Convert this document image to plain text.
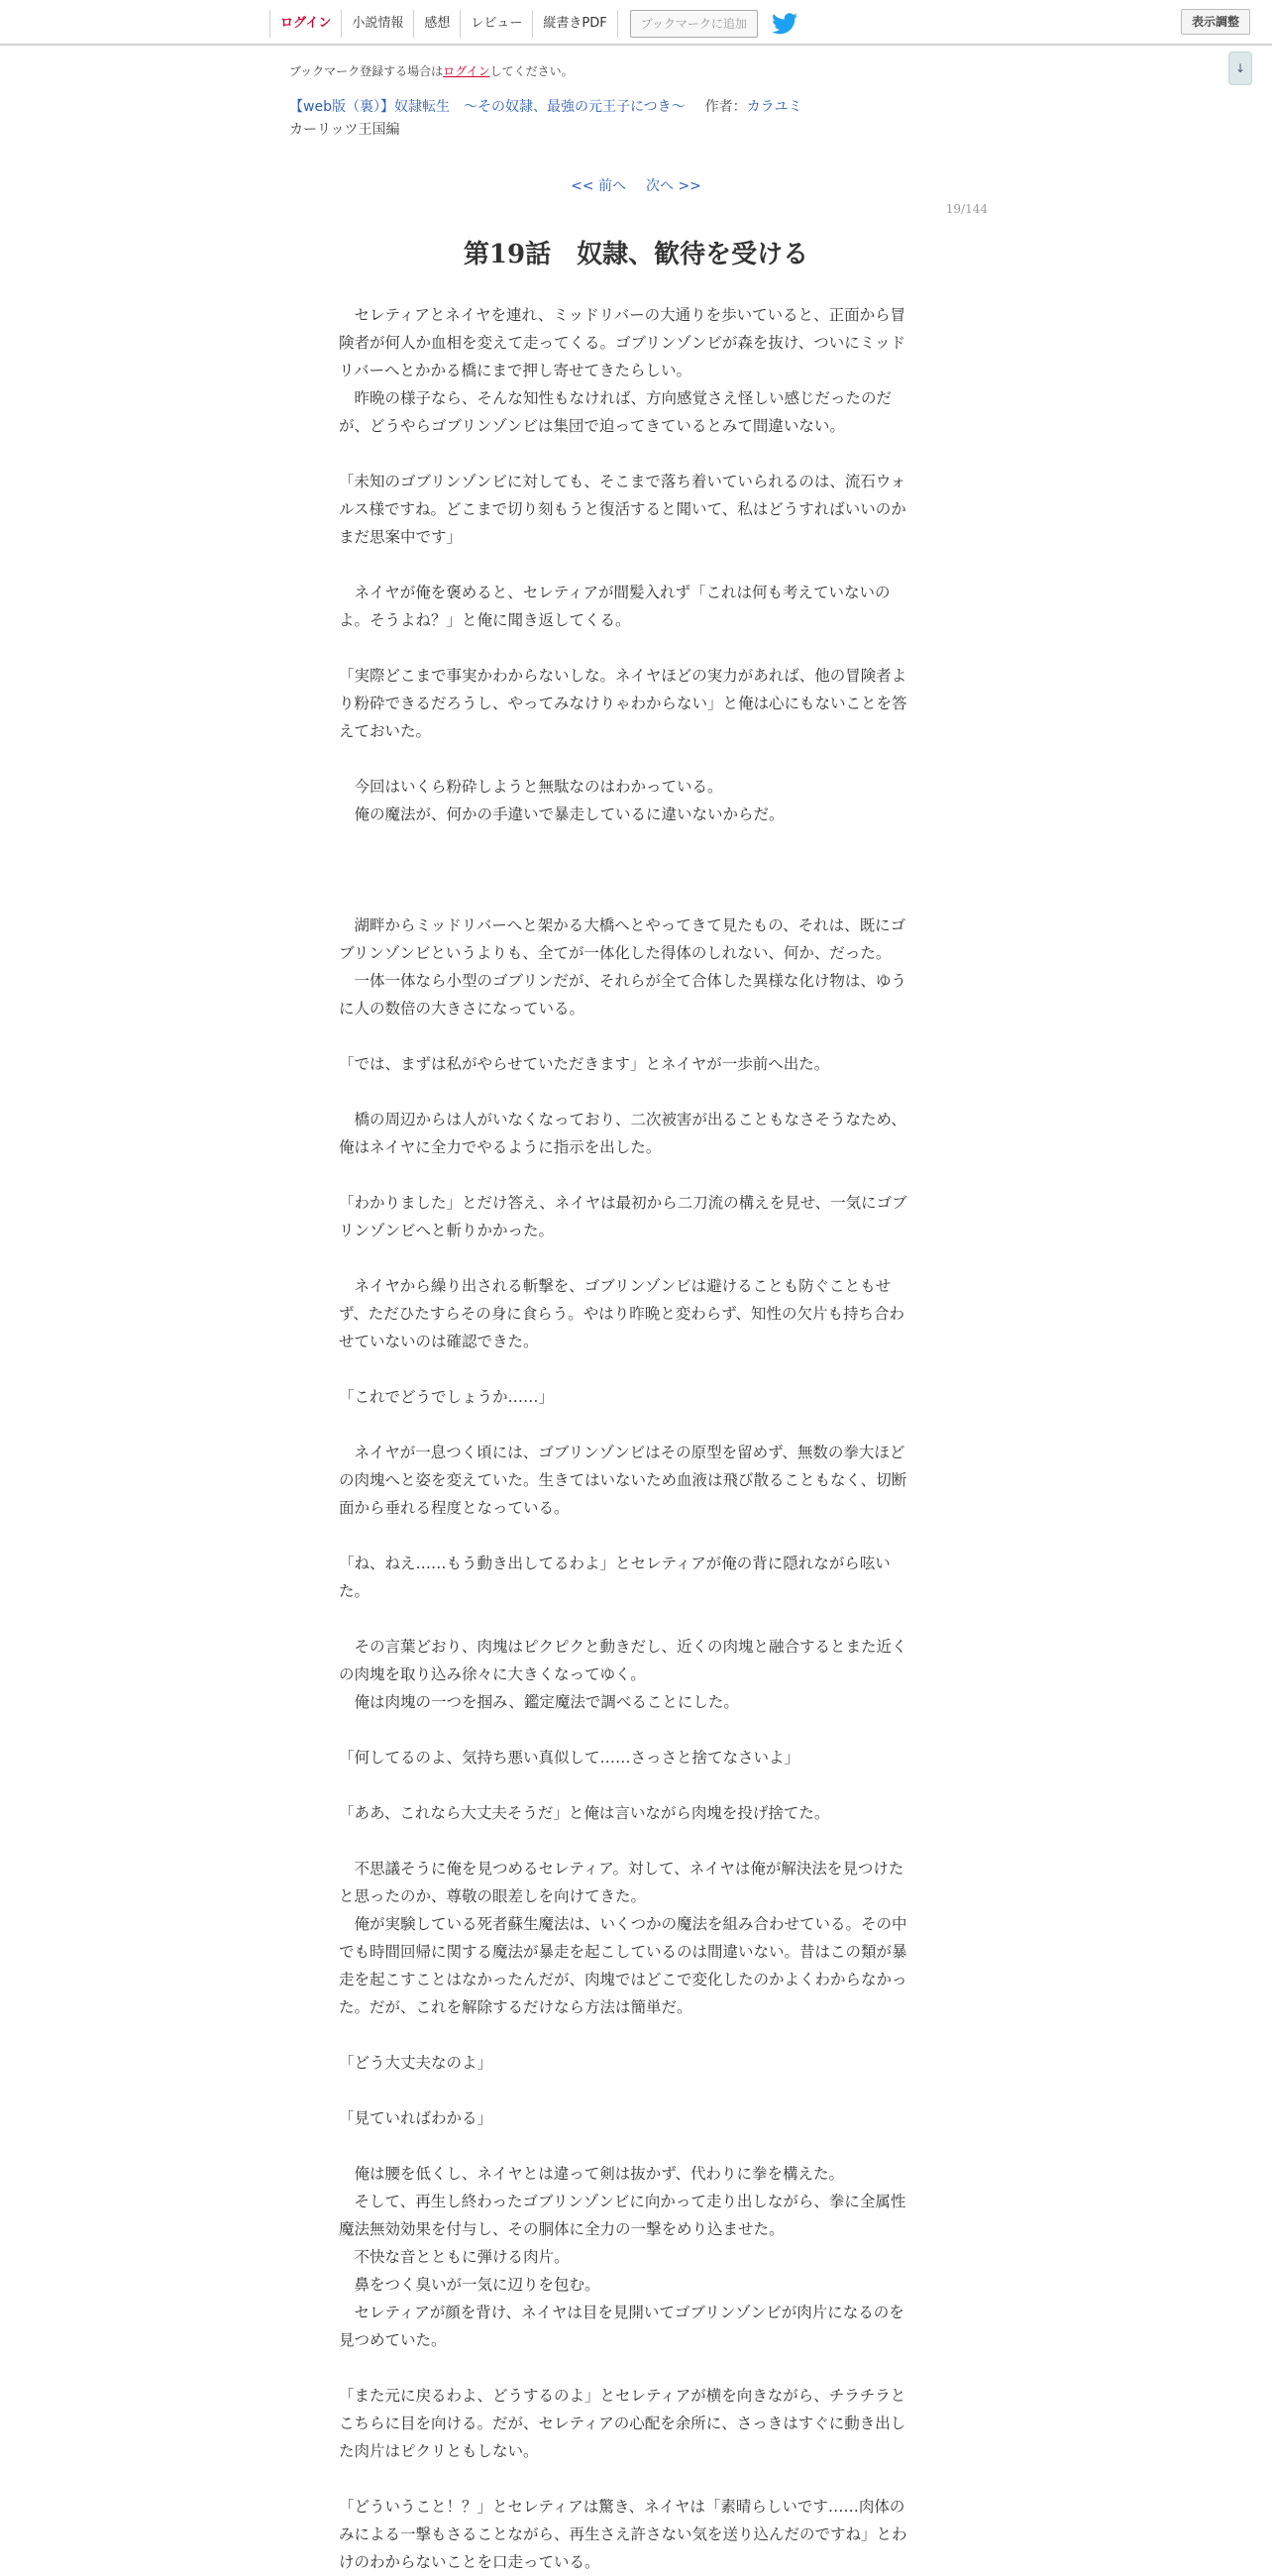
ログイン	小説情報	感想	レビュー	縦書きPDF	ブックマークに追加	表示調整
↓
ブックマーク登録する場合はログインしてください。
【web版（裏）】奴隷転生　～その奴隷、最強の元王子につき～ 作者：カラユミ
カーリッツ王国編
<< 前へ 次へ >>
19/144
第19話　奴隷、歓待を受ける

　セレティアとネイヤを連れ、ミッドリバーの大通りを歩いていると、正面から冒

険者が何人か血相を変えて走ってくる。ゴブリンゾンビが森を抜け、ついにミッド

リバーへとかかる橋にまで押し寄せてきたらしい。

　昨晩の様子なら、そんな知性もなければ、方向感覚さえ怪しい感じだったのだ

が、どうやらゴブリンゾンビは集団で迫ってきているとみて間違いない。

「未知のゴブリンゾンビに対しても、そこまで落ち着いていられるのは、流石ウォ

ルス様ですね。どこまで切り刻もうと復活すると聞いて、私はどうすればいいのか

まだ思案中です」

　ネイヤが俺を褒めると、セレティアが間髪入れず「これは何も考えていないの

よ。そうよね？」と俺に聞き返してくる。

「実際どこまで事実かわからないしな。ネイヤほどの実力があれば、他の冒険者よ

り粉砕できるだろうし、やってみなけりゃわからない」と俺は心にもないことを答

えておいた。

　今回はいくら粉砕しようと無駄なのはわかっている。

　俺の魔法が、何かの手違いで暴走しているに違いないからだ。

　湖畔からミッドリバーへと架かる大橋へとやってきて見たもの、それは、既にゴ

ブリンゾンビというよりも、全てが一体化した得体のしれない、何か、だった。

　一体一体なら小型のゴブリンだが、それらが全て合体した異様な化け物は、ゆう

に人の数倍の大きさになっている。

「では、まずは私がやらせていただきます」とネイヤが一歩前へ出た。

　橋の周辺からは人がいなくなっており、二次被害が出ることもなさそうなため、

俺はネイヤに全力でやるように指示を出した。

「わかりました」とだけ答え、ネイヤは最初から二刀流の構えを見せ、一気にゴブ

リンゾンビへと斬りかかった。

　ネイヤから繰り出される斬撃を、ゴブリンゾンビは避けることも防ぐこともせ

ず、ただひたすらその身に食らう。やはり昨晩と変わらず、知性の欠片も持ち合わ

せていないのは確認できた。

「これでどうでしょうか……」

　ネイヤが一息つく頃には、ゴブリンゾンビはその原型を留めず、無数の拳大ほど

の肉塊へと姿を変えていた。生きてはいないため血液は飛び散ることもなく、切断

面から垂れる程度となっている。

「ね、ねえ……もう動き出してるわよ」とセレティアが俺の背に隠れながら呟い

た。

　その言葉どおり、肉塊はピクピクと動きだし、近くの肉塊と融合するとまた近く

の肉塊を取り込み徐々に大きくなってゆく。

　俺は肉塊の一つを掴み、鑑定魔法で調べることにした。

「何してるのよ、気持ち悪い真似して……さっさと捨てなさいよ」

「ああ、これなら大丈夫そうだ」と俺は言いながら肉塊を投げ捨てた。

　不思議そうに俺を見つめるセレティア。対して、ネイヤは俺が解決法を見つけた

と思ったのか、尊敬の眼差しを向けてきた。

　俺が実験している死者蘇生魔法は、いくつかの魔法を組み合わせている。その中

でも時間回帰に関する魔法が暴走を起こしているのは間違いない。昔はこの類が暴

走を起こすことはなかったんだが、肉塊ではどこで変化したのかよくわからなかっ

た。だが、これを解除するだけなら方法は簡単だ。

「どう大丈夫なのよ」

「見ていればわかる」

　俺は腰を低くし、ネイヤとは違って剣は抜かず、代わりに拳を構えた。

　そして、再生し終わったゴブリンゾンビに向かって走り出しながら、拳に全属性

魔法無効効果を付与し、その胴体に全力の一撃をめり込ませた。

　不快な音とともに弾ける肉片。

　鼻をつく臭いが一気に辺りを包む。

　セレティアが顔を背け、ネイヤは目を見開いてゴブリンゾンビが肉片になるのを

見つめていた。

「また元に戻るわよ、どうするのよ」とセレティアが横を向きながら、チラチラと

こちらに目を向ける。だが、セレティアの心配を余所に、さっきはすぐに動き出し

た肉片はピクリともしない。

「どういうこと！？」とセレティアは驚き、ネイヤは「素晴らしいです……肉体の

みによる一撃もさることながら、再生さえ許さない気を送り込んだのですね」とわ

けのわからないことを口走っている。
